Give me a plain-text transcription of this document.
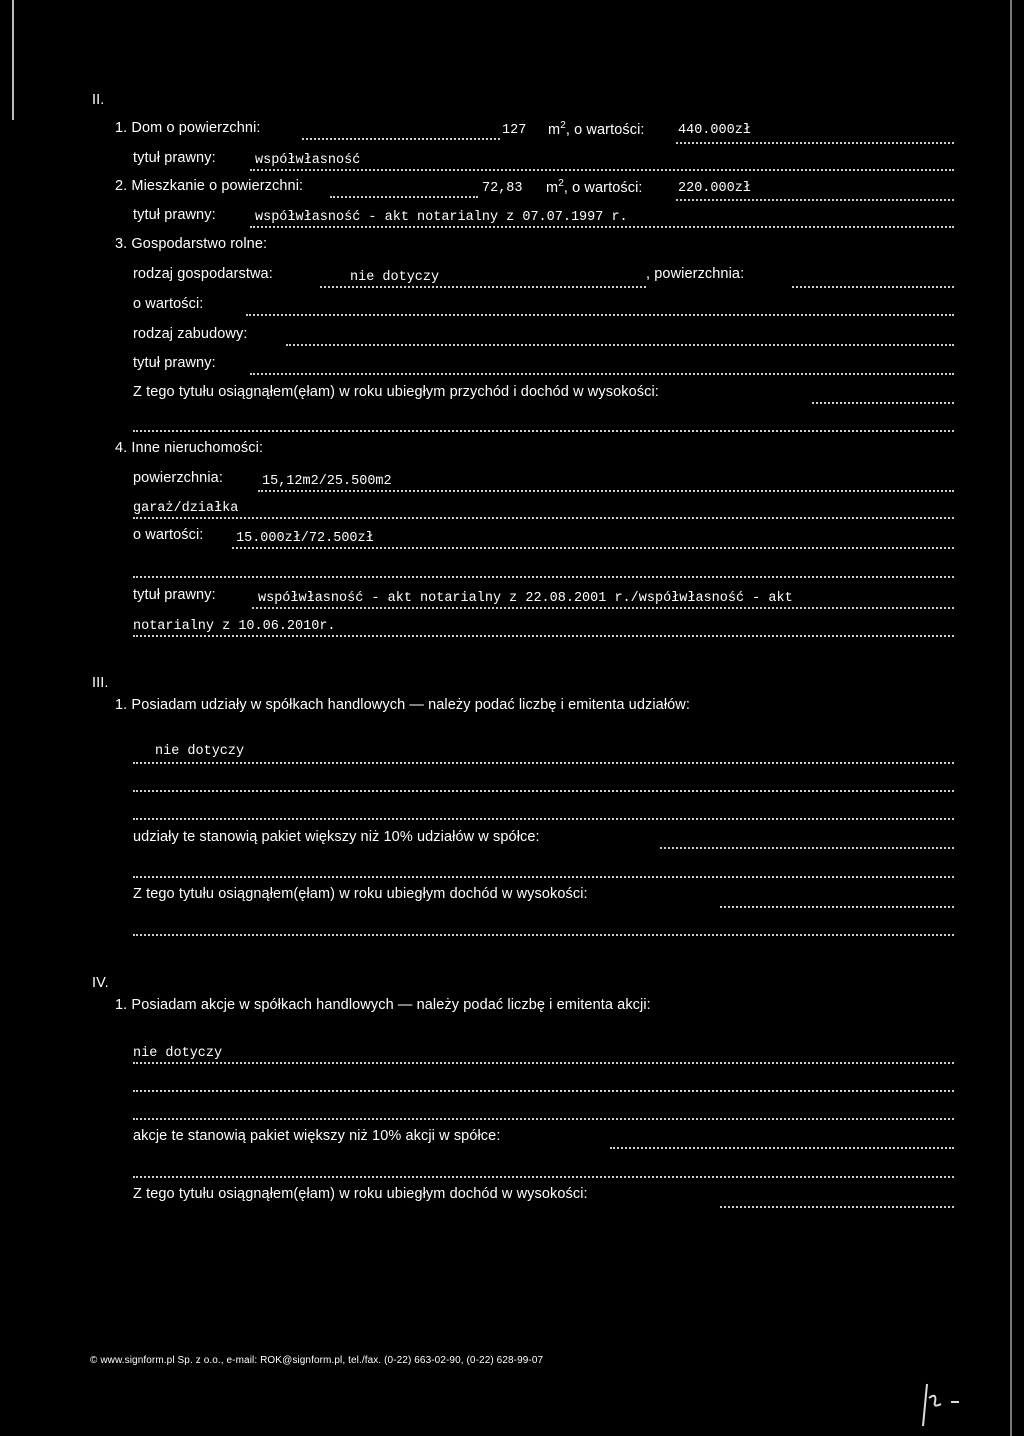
II.
1. Dom o powierzchni:	127 $m^2$, o wartości: 440.000zł
tytuł prawny:	współwłasność
2. Mieszkanie o powierzchni:	72,83 $m^2$, o wartości:	220.000zł
tytuł prawny:	współwłasność - akt notarialny z 07.07.1997 r.
3. Gospodarstwo rolne:
rodzaj gospodarstwa:	nie dotyczy	, powierzchnia:
o wartości:
rodzaj zabudowy:
tytuł prawny:
Z tego tytułu osiągnąłem(ęłam) w roku ubiegłym przychód i dochód w wysokości:
4. Inne nieruchomości:
powierzchnia:	15,12m2/25.500m2
garaż/działka
o wartości: 15.000zł/72.500zł
tytuł prawny:	współwłasność - akt notarialny z 22.08.2001 r./współwłasność - akt
notarialny z 10.06.2010r.
III.
1. Posiadam udziały w spółkach handlowych — należy podać liczbę i emitenta udziałów:
nie dotyczy
udziały te stanowią pakiet większy niż 10% udziałów w spółce:
Z tego tytułu osiągnąłem(ęłam) w roku ubiegłym dochód w wysokości:
IV.
1. Posiadam akcje w spółkach handlowych — należy podać liczbę i emitenta akcji:
nie dotyczy
akcje te stanowią pakiet większy niż 10% akcji w spółce:
Z tego tytułu osiągnąłem(ęłam) w roku ubiegłym dochód w wysokości:
© www.signform.pl Sp. z o.o., e-mail: ROK@signform.pl, tel./fax. (0-22) 663-02-90, (0-22) 628-99-07
